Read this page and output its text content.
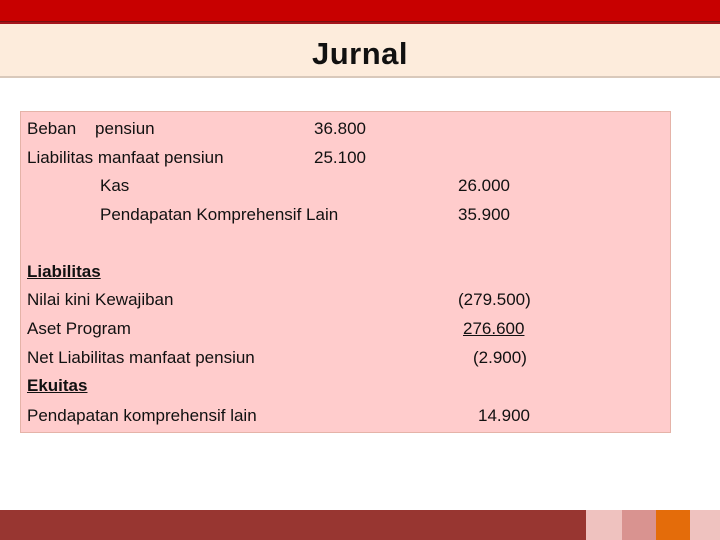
Jurnal
Beban    pensiun	36.800
Liabilitas manfaat pensiun	25.100
Kas	26.000
Pendapatan Komprehensif Lain	35.900
Liabilitas
Nilai kini Kewajiban	(279.500)
Aset Program	276.600
Net Liabilitas manfaat pensiun	(2.900)
Ekuitas
Pendapatan komprehensif lain	14.900
